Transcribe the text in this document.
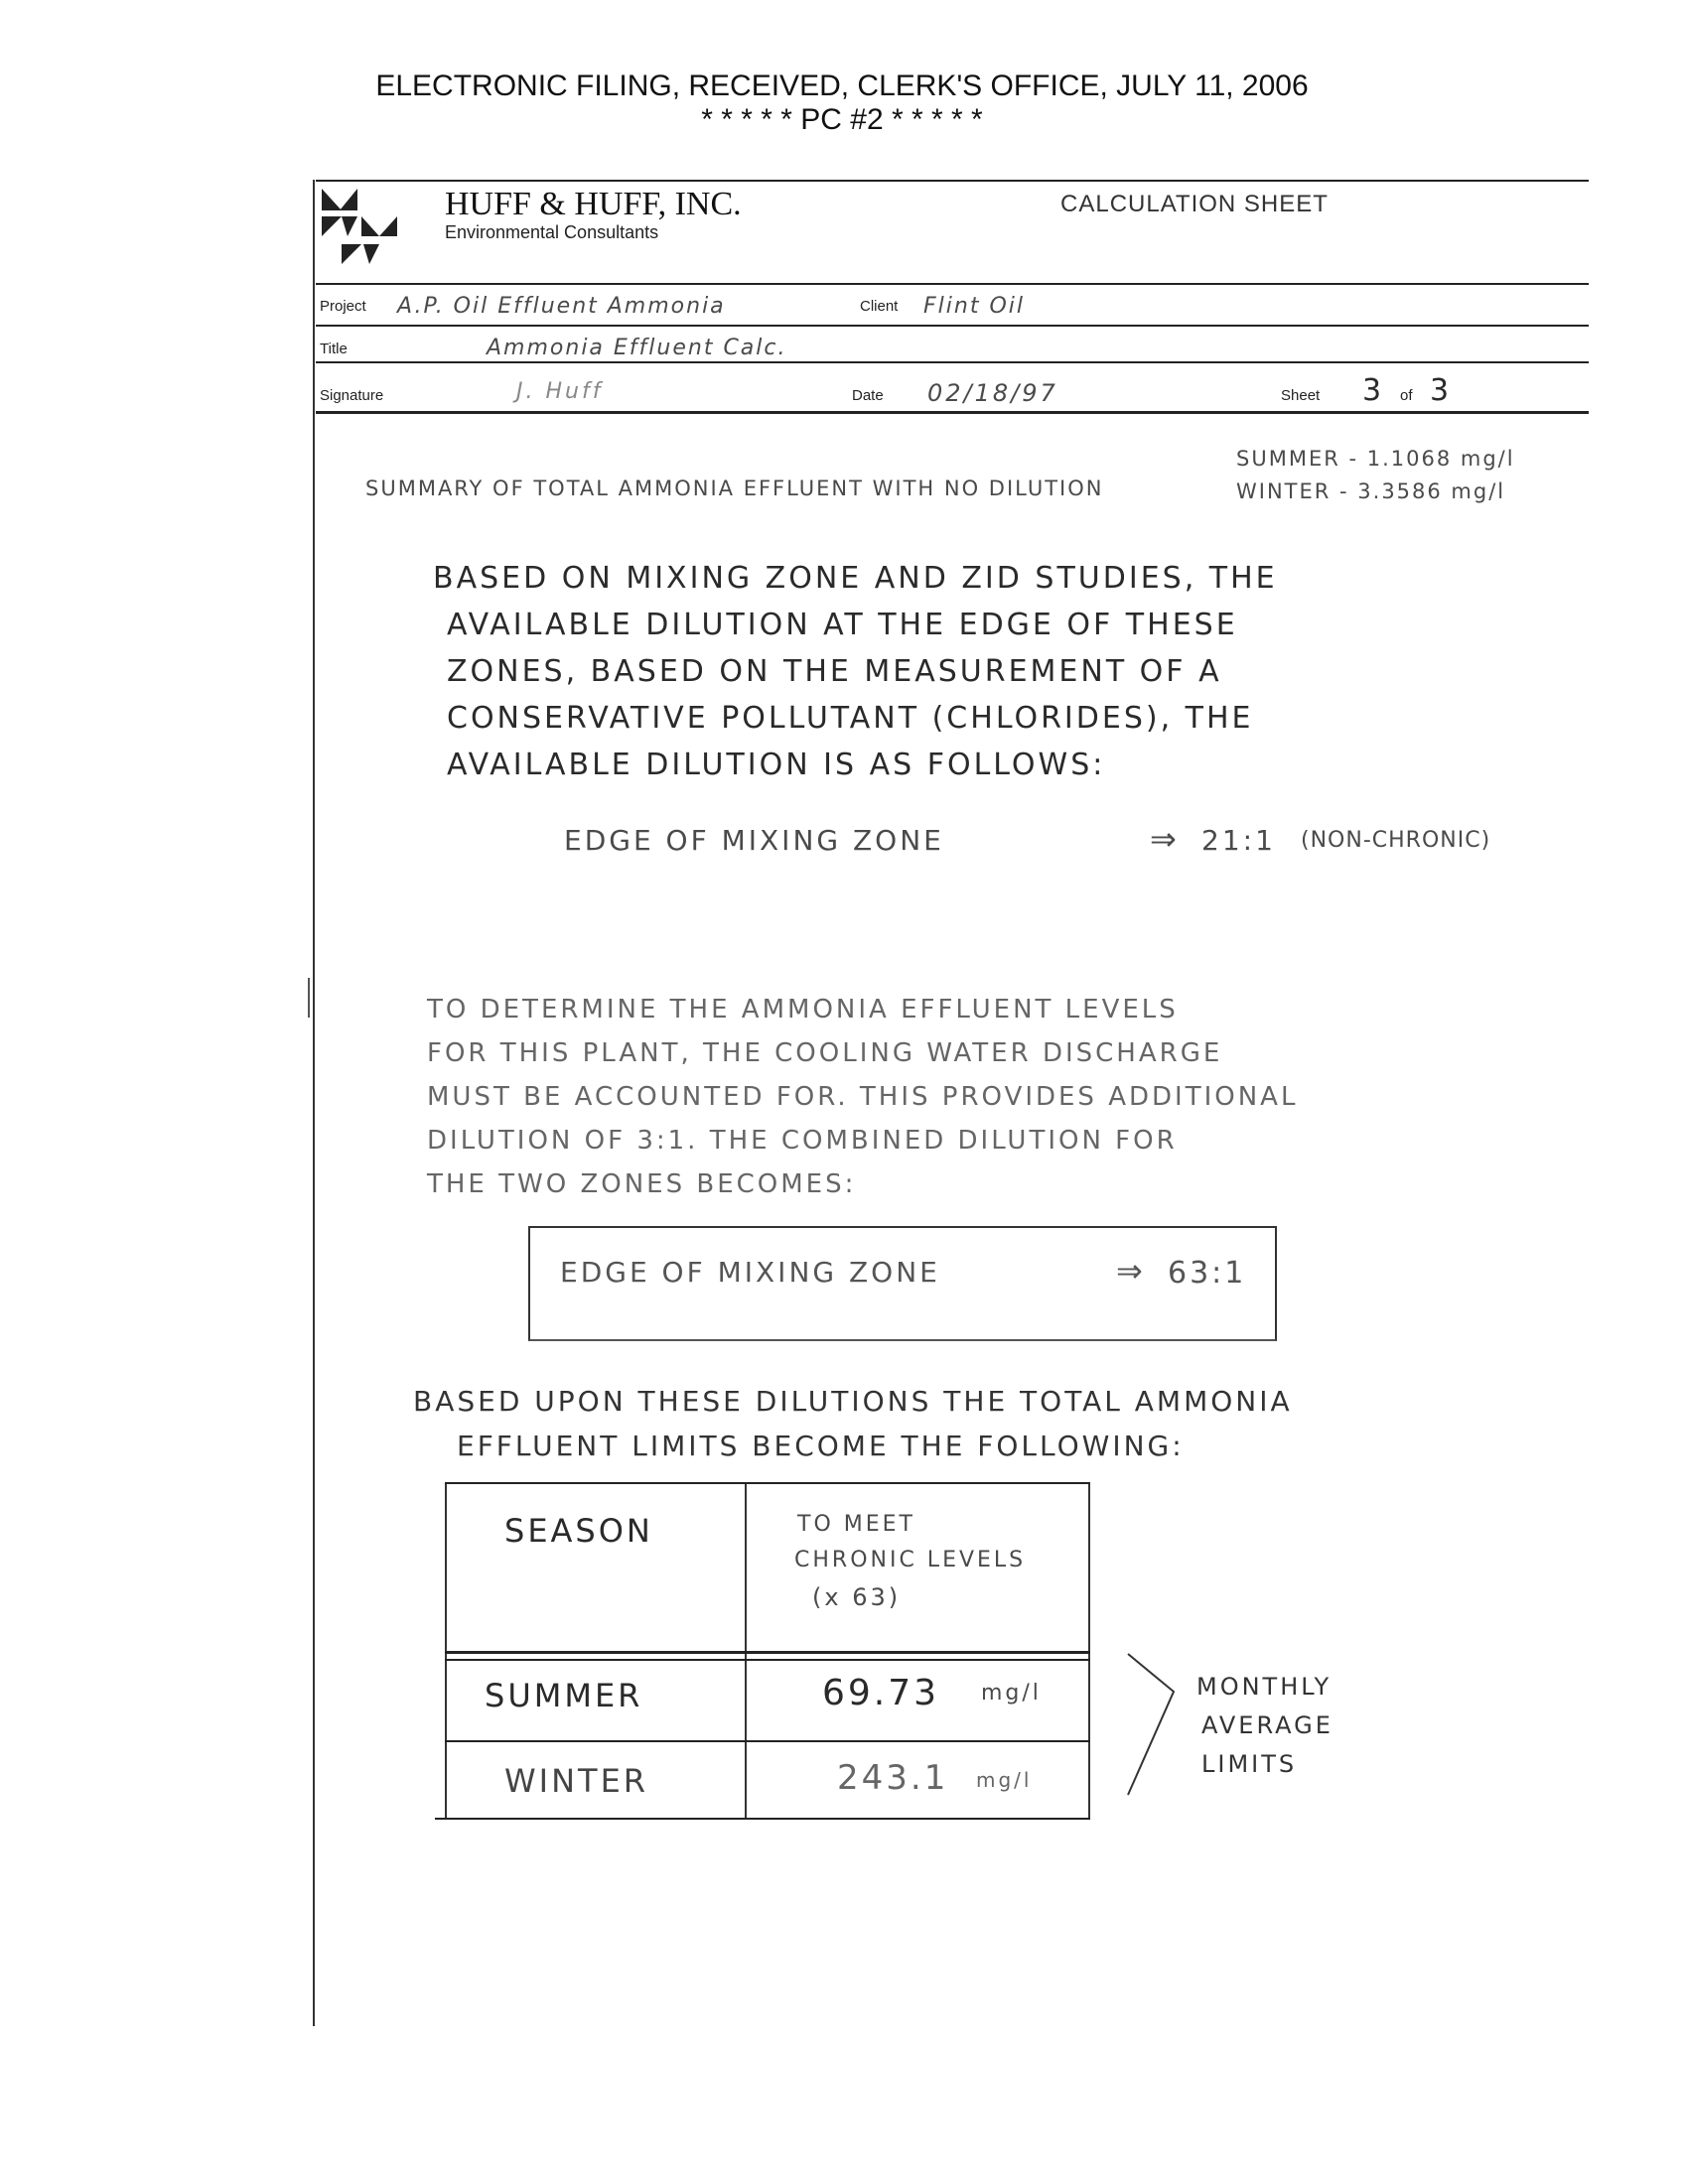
ELECTRONIC FILING, RECEIVED, CLERK'S OFFICE, JULY 11, 2006
* * * * * PC #2 * * * * *
HUFF & HUFF, INC.
Environmental Consultants
CALCULATION SHEET
Project A.P. Oil Effluent Ammonia	Client Flint Oil
Title	Ammonia Effluent Calc.
Signature	J. Huff	Date 02/18/97	Sheet 3 of 3
SUMMARY OF TOTAL AMMONIA EFFLUENT WITH NO DILUTION
SUMMER - 1.1068 mg/l
WINTER - 3.3586 mg/l
BASED ON MIXING ZONE AND ZID STUDIES, THE
AVAILABLE DILUTION AT THE EDGE OF THESE
ZONES, BASED ON THE MEASUREMENT OF A
CONSERVATIVE POLLUTANT (CHLORIDES), THE
AVAILABLE DILUTION IS AS FOLLOWS:
EDGE OF MIXING ZONE	⇒ 21:1 (NON-CHRONIC)
TO DETERMINE THE AMMONIA EFFLUENT LEVELS
FOR THIS PLANT, THE COOLING WATER DISCHARGE
MUST BE ACCOUNTED FOR. THIS PROVIDES ADDITIONAL
DILUTION OF 3:1. THE COMBINED DILUTION FOR
THE TWO ZONES BECOMES:
EDGE OF MIXING ZONE	⇒ 63:1
BASED UPON THESE DILUTIONS THE TOTAL AMMONIA
EFFLUENT LIMITS BECOME THE FOLLOWING:
SEASON	TO MEET
CHRONIC LEVELS
(x 63)
SUMMER	69.73 mg/l
WINTER	243.1 mg/l
MONTHLY
AVERAGE
LIMITS
